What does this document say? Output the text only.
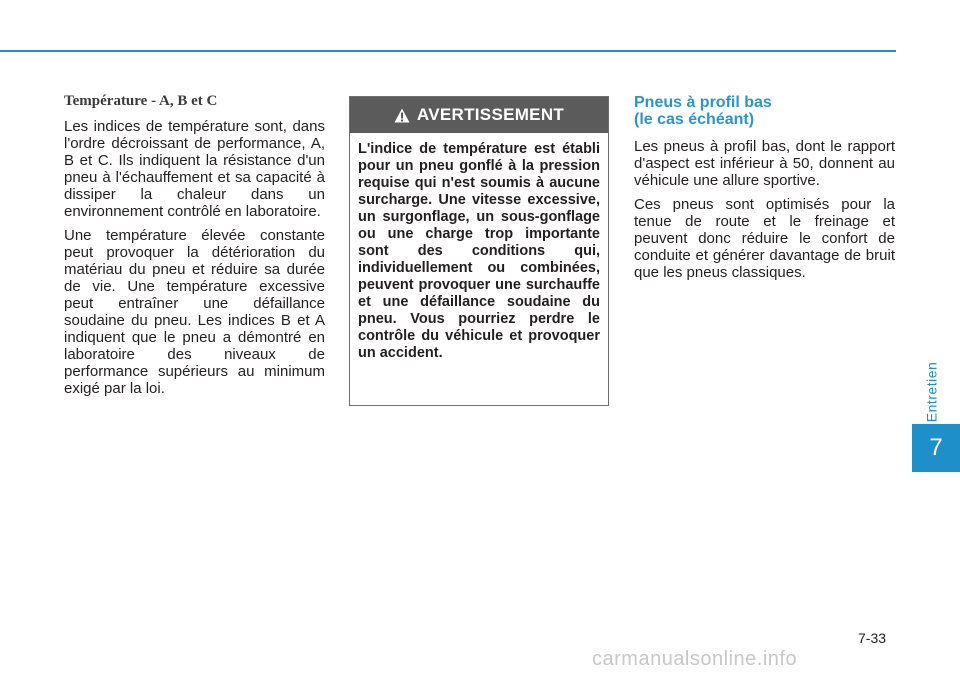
Température - A, B et C

Les indices de température sont, dans l'ordre décroissant de performance, A, B et C. Ils indiquent la résistance d'un pneu à l'échauffement et sa capacité à dissiper la chaleur dans un environnement contrôlé en laboratoire.

Une température élevée constante peut provoquer la détérioration du matériau du pneu et réduire sa durée de vie. Une température excessive peut entraîner une défaillance soudaine du pneu. Les indices B et A indiquent que le pneu a démontré en laboratoire des niveaux de performance supérieurs au minimum exigé par la loi.

AVERTISSEMENT
L'indice de température est établi pour un pneu gonflé à la pression requise qui n'est soumis à aucune surcharge. Une vitesse excessive, un surgonflage, un sous-gonflage ou une charge trop importante sont des conditions qui, individuellement ou combinées, peuvent provoquer une surchauffe et une défaillance soudaine du pneu. Vous pourriez perdre le contrôle du véhicule et provoquer un accident.
Pneus à profil bas
(le cas échéant)

Les pneus à profil bas, dont le rapport d'aspect est inférieur à 50, donnent au véhicule une allure sportive.

Ces pneus sont optimisés pour la tenue de route et le freinage et peuvent donc réduire le confort de conduite et générer davantage de bruit que les pneus classiques.

Entretien
7
7-33
carmanualsonline.info
